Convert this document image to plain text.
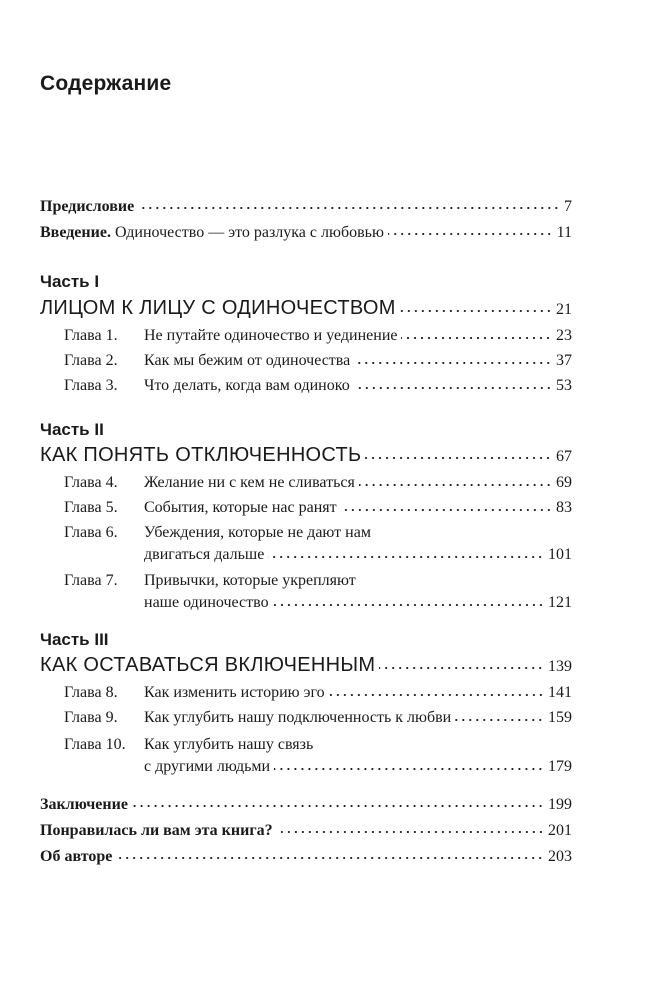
Содержание
Предисловие	7
Введение. Одиночество — это разлука с любовью	11
Часть I
ЛИЦОМ К ЛИЦУ С ОДИНОЧЕСТВОМ	21
Глава 1. Не путайте одиночество и уединение	23
Глава 2. Как мы бежим от одиночества	37
Глава 3. Что делать, когда вам одиноко	53
Часть II
КАК ПОНЯТЬ ОТКЛЮЧЕННОСТЬ	67
Глава 4. Желание ни с кем не сливаться	69
Глава 5. События, которые нас ранят	83
Глава 6. Убеждения, которые не дают нам
двигаться дальше	101
Глава 7. Привычки, которые укрепляют
наше одиночество	121
Часть III
КАК ОСТАВАТЬСЯ ВКЛЮЧЕННЫМ	139
Глава 8. Как изменить историю эго	141
Глава 9. Как углубить нашу подключенность к любви	159
Глава 10. Как углубить нашу связь
с другими людьми	179
Заключение	199
Понравилась ли вам эта книга?	201
Об авторе	203
